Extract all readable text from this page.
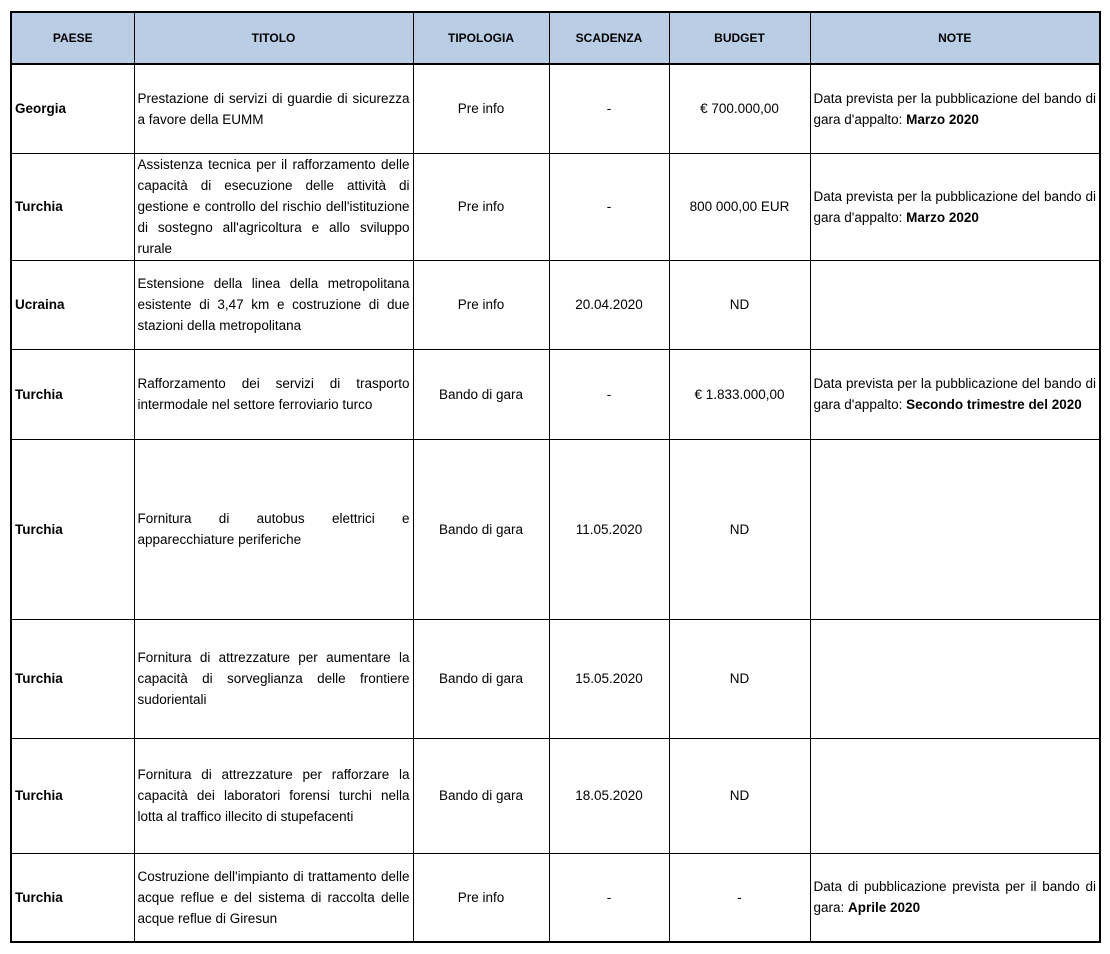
PAESE	TITOLO	TIPOLOGIA	SCADENZA	BUDGET	NOTE
Georgia	Prestazione di servizi di guardie di sicurezza a favore della EUMM	Pre info	-	€ 700.000,00	Data prevista per la pubblicazione del bando di gara d'appalto: Marzo 2020
Turchia	Assistenza tecnica per il rafforzamento delle capacità di esecuzione delle attività di gestione e controllo del rischio dell'istituzione di sostegno all'agricoltura e allo sviluppo rurale	Pre info	-	800 000,00 EUR	Data prevista per la pubblicazione del bando di gara d'appalto: Marzo 2020
Ucraina	Estensione della linea della metropolitana esistente di 3,47 km e costruzione di due stazioni della metropolitana	Pre info	20.04.2020	ND	
Turchia	Rafforzamento dei servizi di trasporto intermodale nel settore ferroviario turco	Bando di gara	-	€ 1.833.000,00	Data prevista per la pubblicazione del bando di gara d'appalto: Secondo trimestre del 2020
Turchia	Fornitura di autobus elettrici e apparecchiature periferiche	Bando di gara	11.05.2020	ND	
Turchia	Fornitura di attrezzature per aumentare la capacità di sorveglianza delle frontiere sudorientali	Bando di gara	15.05.2020	ND	
Turchia	Fornitura di attrezzature per rafforzare la capacità dei laboratori forensi turchi nella lotta al traffico illecito di stupefacenti	Bando di gara	18.05.2020	ND	
Turchia	Costruzione dell'impianto di trattamento delle acque reflue e del sistema di raccolta delle acque reflue di Giresun	Pre info	-	-	Data di pubblicazione prevista per il bando di gara: Aprile 2020
